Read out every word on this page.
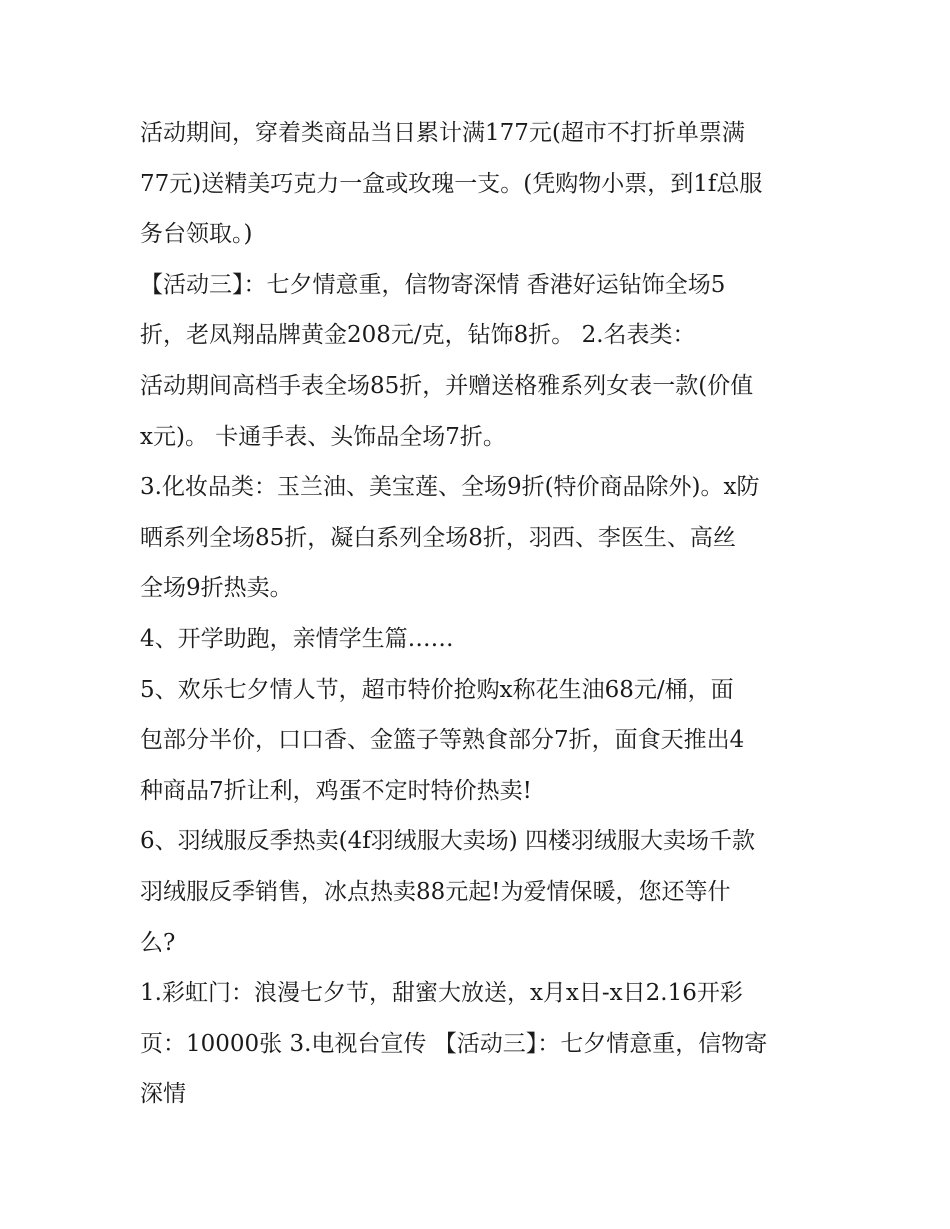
活动期间，穿着类商品当日累计满177元(超市不打折单票满
77元)送精美巧克力一盒或玫瑰一支。(凭购物小票，到1f总服
务台领取。)
【活动三】：七夕情意重，信物寄深情 香港好运钻饰全场5
折，老凤翔品牌黄金208元/克，钻饰8折。 2.名表类：
活动期间高档手表全场85折，并赠送格雅系列女表一款(价值
x元)。 卡通手表、头饰品全场7折。
3.化妆品类：玉兰油、美宝莲、全场9折(特价商品除外)。x防
晒系列全场85折，凝白系列全场8折，羽西、李医生、高丝
全场9折热卖。
4、开学助跑，亲情学生篇……
5、欢乐七夕情人节，超市特价抢购x称花生油68元/桶，面
包部分半价，口口香、金篮子等熟食部分7折，面食天推出4
种商品7折让利，鸡蛋不定时特价热卖!
6、羽绒服反季热卖(4f羽绒服大卖场) 四楼羽绒服大卖场千款
羽绒服反季销售，冰点热卖88元起!为爱情保暖，您还等什
么?
1.彩虹门：浪漫七夕节，甜蜜大放送，x月x日-x日2.16开彩
页：10000张 3.电视台宣传 【活动三】：七夕情意重，信物寄
深情
